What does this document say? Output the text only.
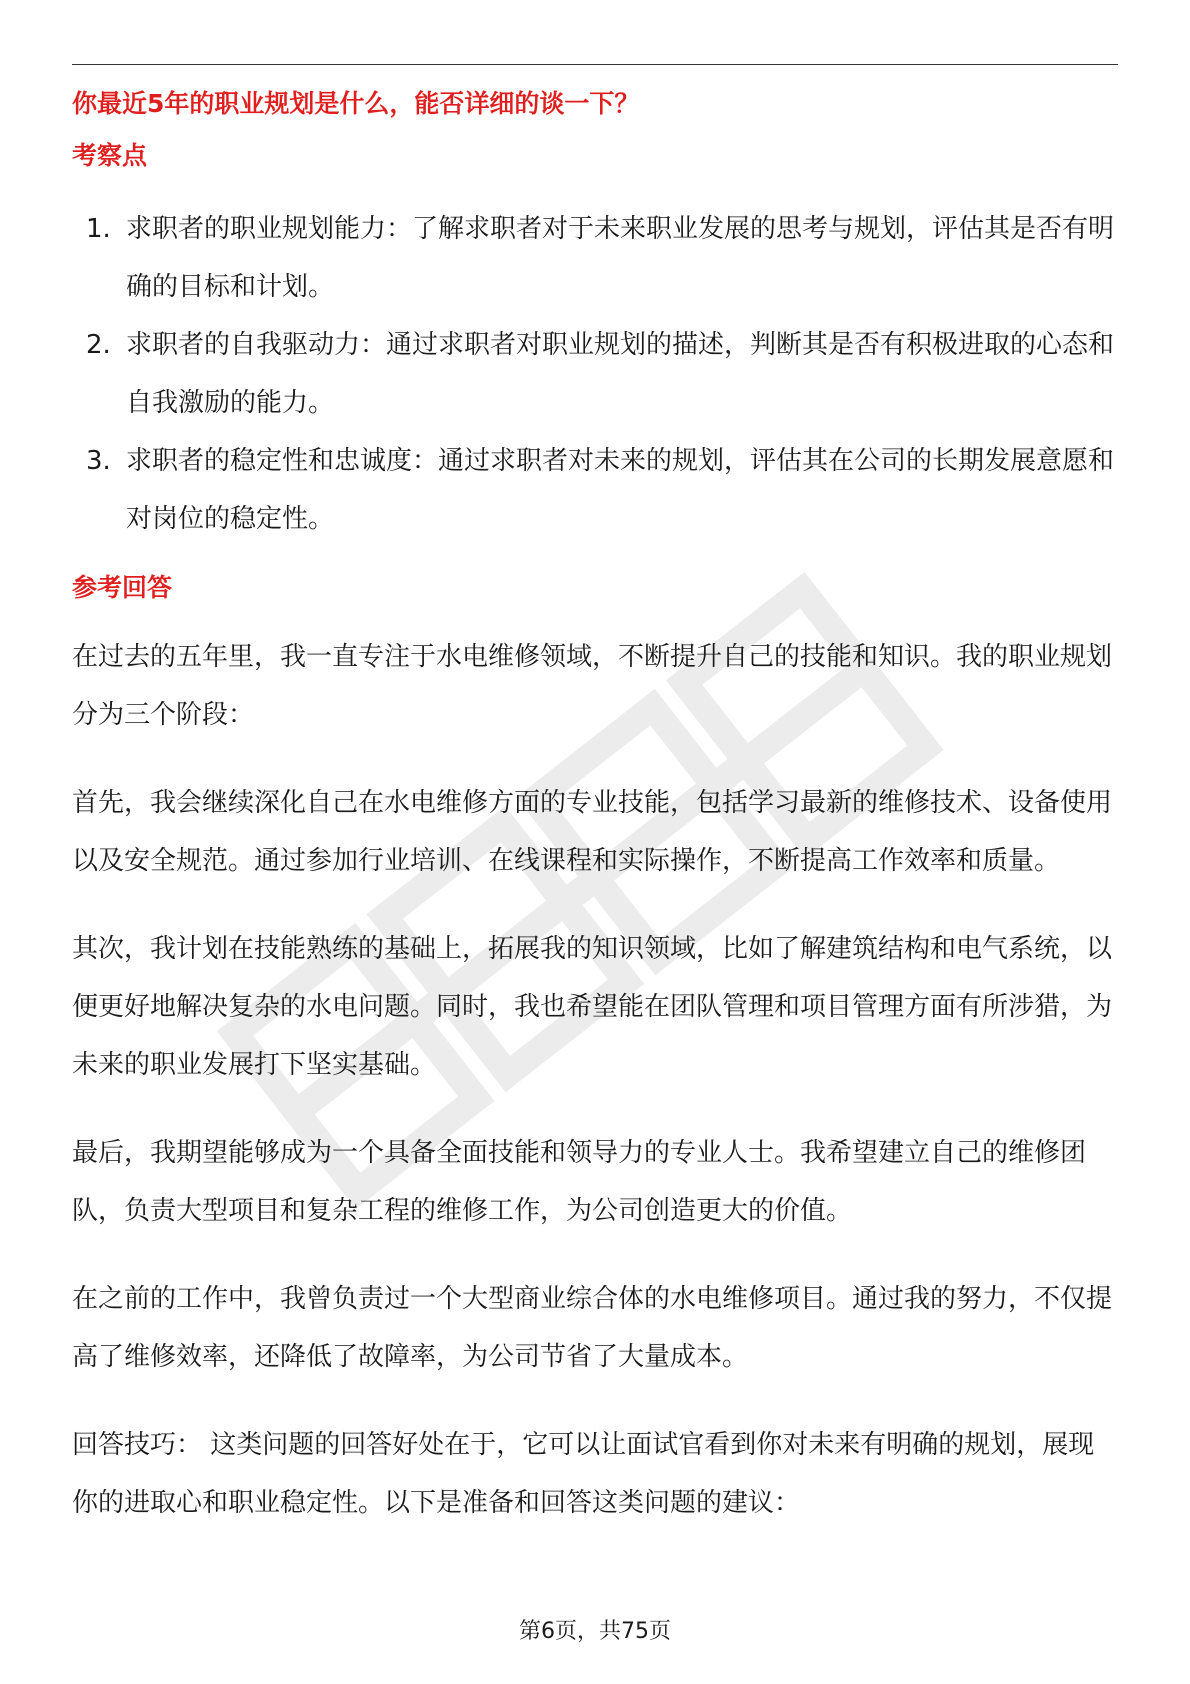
你最近5年的职业规划是什么，能否详细的谈一下？
考察点
1. 求职者的职业规划能力：了解求职者对于未来职业发展的思考与规划，评估其是否有明确的目标和计划。
2. 求职者的自我驱动力：通过求职者对职业规划的描述，判断其是否有积极进取的心态和自我激励的能力。
3. 求职者的稳定性和忠诚度：通过求职者对未来的规划，评估其在公司的长期发展意愿和对岗位的稳定性。
参考回答

在过去的五年里，我一直专注于水电维修领域，不断提升自己的技能和知识。我的职业规划分为三个阶段：

首先，我会继续深化自己在水电维修方面的专业技能，包括学习最新的维修技术、设备使用以及安全规范。通过参加行业培训、在线课程和实际操作，不断提高工作效率和质量。

其次，我计划在技能熟练的基础上，拓展我的知识领域，比如了解建筑结构和电气系统，以便更好地解决复杂的水电问题。同时，我也希望能在团队管理和项目管理方面有所涉猎，为未来的职业发展打下坚实基础。

最后，我期望能够成为一个具备全面技能和领导力的专业人士。我希望建立自己的维修团队，负责大型项目和复杂工程的维修工作，为公司创造更大的价值。

在之前的工作中，我曾负责过一个大型商业综合体的水电维修项目。通过我的努力，不仅提高了维修效率，还降低了故障率，为公司节省了大量成本。

回答技巧： 这类问题的回答好处在于，它可以让面试官看到你对未来有明确的规划，展现你的进取心和职业稳定性。以下是准备和回答这类问题的建议：

第6页，共75页
